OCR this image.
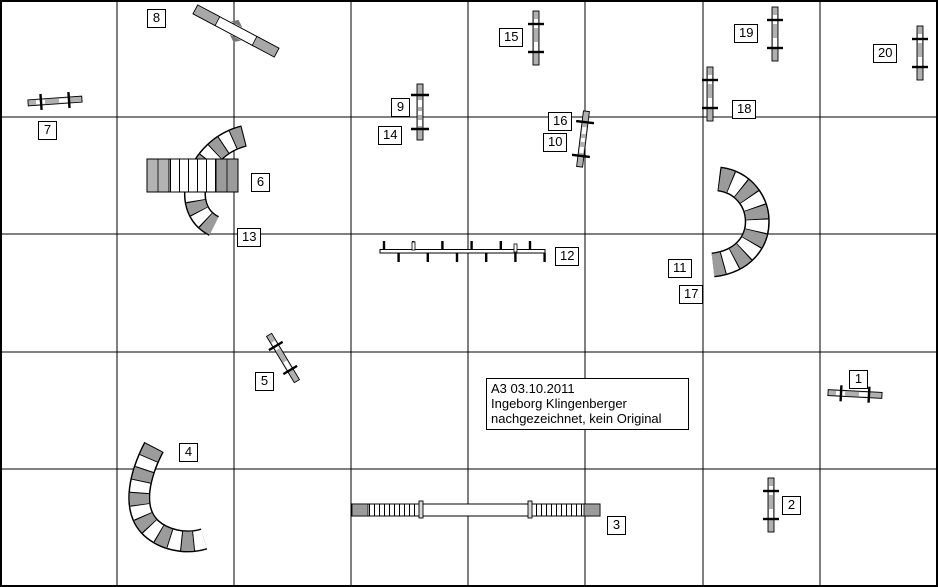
1
2
3
4
5
6
7
8
9
10
11
12
13
14
15
16
17
18
19
20
A3 03.10.2011
Ingeborg Klingenberger
nachgezeichnet, kein Original
